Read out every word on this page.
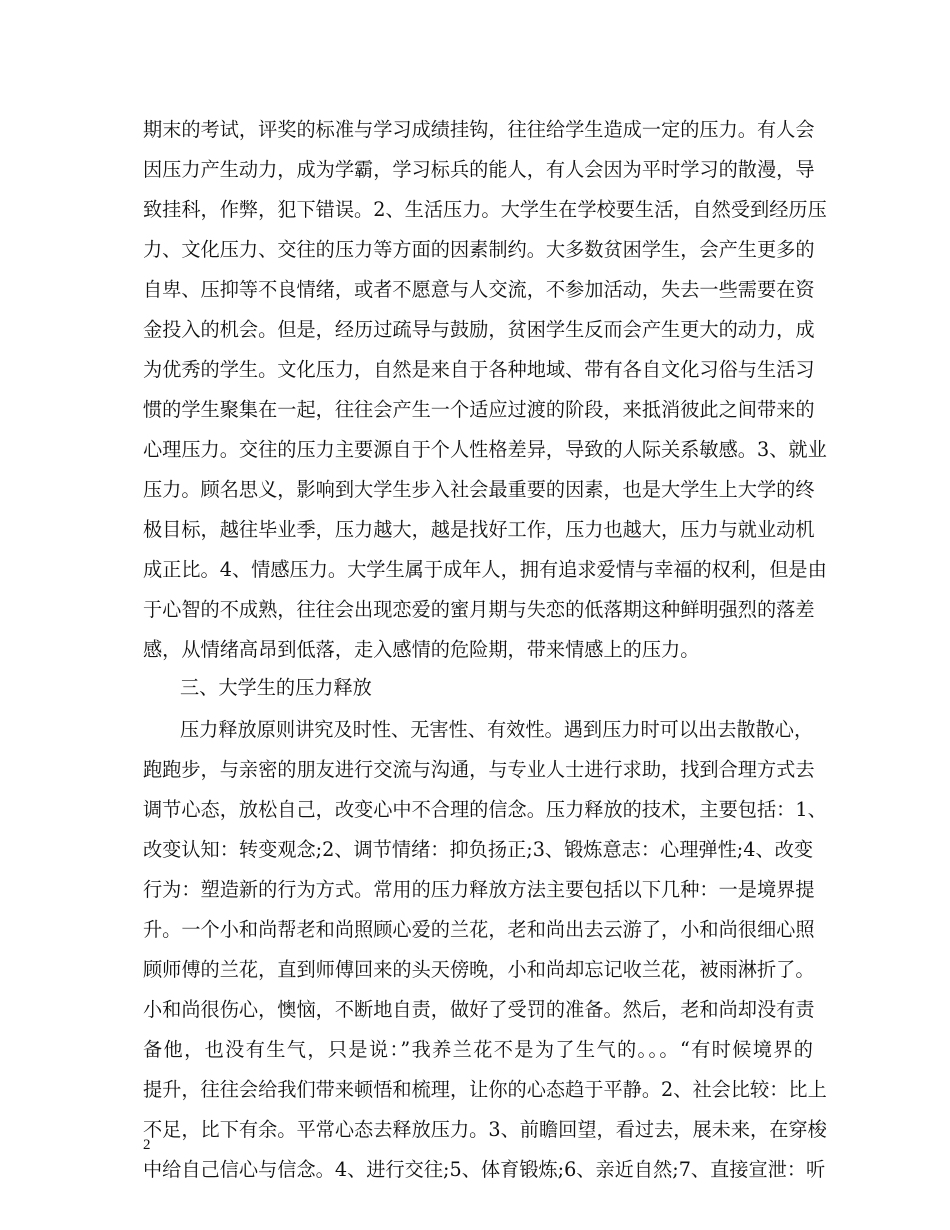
期末的考试，评奖的标准与学习成绩挂钩，往往给学生造成一定的压力。有人会
因压力产生动力，成为学霸，学习标兵的能人，有人会因为平时学习的散漫，导
致挂科，作弊，犯下错误。2、生活压力。大学生在学校要生活，自然受到经历压
力、文化压力、交往的压力等方面的因素制约。大多数贫困学生，会产生更多的
自卑、压抑等不良情绪，或者不愿意与人交流，不参加活动，失去一些需要在资
金投入的机会。但是，经历过疏导与鼓励，贫困学生反而会产生更大的动力，成
为优秀的学生。文化压力，自然是来自于各种地域、带有各自文化习俗与生活习
惯的学生聚集在一起，往往会产生一个适应过渡的阶段，来抵消彼此之间带来的
心理压力。交往的压力主要源自于个人性格差异，导致的人际关系敏感。3、就业
压力。顾名思义，影响到大学生步入社会最重要的因素，也是大学生上大学的终
极目标，越往毕业季，压力越大，越是找好工作，压力也越大，压力与就业动机
成正比。4、情感压力。大学生属于成年人，拥有追求爱情与幸福的权利，但是由
于心智的不成熟，往往会出现恋爱的蜜月期与失恋的低落期这种鲜明强烈的落差
感，从情绪高昂到低落，走入感情的危险期，带来情感上的压力。
三、大学生的压力释放
压力释放原则讲究及时性、无害性、有效性。遇到压力时可以出去散散心，
跑跑步，与亲密的朋友进行交流与沟通，与专业人士进行求助，找到合理方式去
调节心态，放松自己，改变心中不合理的信念。压力释放的技术，主要包括：1、
改变认知：转变观念;2、调节情绪：抑负扬正;3、锻炼意志：心理弹性;4、改变
行为：塑造新的行为方式。常用的压力释放方法主要包括以下几种：一是境界提
升。一个小和尚帮老和尚照顾心爱的兰花，老和尚出去云游了，小和尚很细心照
顾师傅的兰花，直到师傅回来的头天傍晚，小和尚却忘记收兰花，被雨淋折了。
小和尚很伤心，懊恼，不断地自责，做好了受罚的准备。然后，老和尚却没有责
备他，也没有生气，只是说：”我养兰花不是为了生气的。。。“有时候境界的
提升，往往会给我们带来顿悟和梳理，让你的心态趋于平静。2、社会比较：比上
不足，比下有余。平常心态去释放压力。3、前瞻回望，看过去，展未来，在穿梭
中给自己信心与信念。4、进行交往;5、体育锻炼;6、亲近自然;7、直接宣泄：听
2
